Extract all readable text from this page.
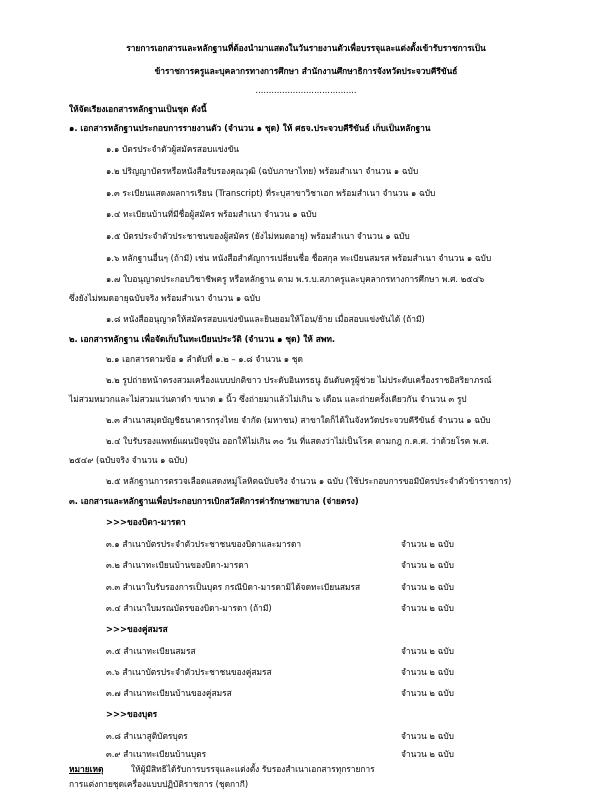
รายการเอกสารและหลักฐานที่ต้องนำมาแสดงในวันรายงานตัวเพื่อบรรจุและแต่งตั้งเข้ารับราชการเป็น
ข้าราชการครูและบุคลากรทางการศึกษา สำนักงานศึกษาธิการจังหวัดประจวบคีรีขันธ์
......................................
ให้จัดเรียงเอกสารหลักฐานเป็นชุด ดังนี้
๑. เอกสารหลักฐานประกอบการรายงานตัว (จำนวน ๑ ชุด) ให้ ศธจ.ประจวบคีรีขันธ์ เก็บเป็นหลักฐาน
๑.๑ บัตรประจำตัวผู้สมัครสอบแข่งขัน
๑.๒ ปริญญาบัตรหรือหนังสือรับรองคุณวุฒิ (ฉบับภาษาไทย) พร้อมสำเนา จำนวน ๑ ฉบับ
๑.๓ ระเบียนแสดงผลการเรียน (Transcript) ที่ระบุสาขาวิชาเอก พร้อมสำเนา จำนวน ๑ ฉบับ
๑.๔ ทะเบียนบ้านที่มีชื่อผู้สมัคร พร้อมสำเนา จำนวน ๑ ฉบับ
๑.๕ บัตรประจำตัวประชาชนของผู้สมัคร (ยังไม่หมดอายุ) พร้อมสำเนา จำนวน ๑ ฉบับ
๑.๖ หลักฐานอื่นๆ (ถ้ามี) เช่น หนังสือสำคัญการเปลี่ยนชื่อ ชื่อสกุล ทะเบียนสมรส พร้อมสำเนา จำนวน ๑ ฉบับ
๑.๗ ใบอนุญาตประกอบวิชาชีพครู หรือหลักฐาน ตาม พ.ร.บ.สภาครูและบุคลากรทางการศึกษา พ.ศ. ๒๕๔๖
ซึ่งยังไม่หมดอายุฉบับจริง พร้อมสำเนา จำนวน ๑ ฉบับ
๑.๘ หนังสืออนุญาตให้สมัครสอบแข่งขันและยินยอมให้โอน/ย้าย เมื่อสอบแข่งขันได้ (ถ้ามี)
๒. เอกสารหลักฐาน เพื่อจัดเก็บในทะเบียนประวัติ (จำนวน ๑ ชุด) ให้ สพท.
๒.๑ เอกสารตามข้อ ๑ ลำดับที่ ๑.๒ – ๑.๘ จำนวน ๑ ชุด
๒.๒ รูปถ่ายหน้าตรงสวมเครื่องแบบปกติขาว ประดับอินทรธนู อันดับครูผู้ช่วย ไม่ประดับเครื่องราชอิสริยาภรณ์
ไม่สวมหมวกและไม่สวมแว่นตาดำ ขนาด ๑ นิ้ว ซึ่งถ่ายมาแล้วไม่เกิน ๖ เดือน และถ่ายครั้งเดียวกัน จำนวน ๓ รูป
๒.๓ สำเนาสมุดบัญชีธนาคารกรุงไทย จำกัด (มหาชน) สาขาใดก็ได้ในจังหวัดประจวบคีรีขันธ์ จำนวน ๑ ฉบับ
๒.๔ ใบรับรองแพทย์แผนปัจจุบัน ออกให้ไม่เกิน ๓๐ วัน ที่แสดงว่าไม่เป็นโรค ตามกฎ ก.ค.ศ. ว่าด้วยโรค พ.ศ.
๒๕๔๙ (ฉบับจริง จำนวน ๑ ฉบับ)
๒.๕ หลักฐานการตรวจเลือดแสดงหมู่โลหิตฉบับจริง จำนวน ๑ ฉบับ (ใช้ประกอบการขอมีบัตรประจำตัวข้าราชการ)
๓. เอกสารและหลักฐานเพื่อประกอบการเบิกสวัสดิการค่ารักษาพยาบาล (จ่ายตรง)
>>>ของบิดา-มารดา
๓.๑ สำเนาบัตรประจำตัวประชาชนของบิดาและมารดา	จำนวน ๒ ฉบับ
๓.๒ สำเนาทะเบียนบ้านของบิดา-มารดา	จำนวน ๒ ฉบับ
๓.๓ สำเนาใบรับรองการเป็นบุตร กรณีบิดา-มารดามิได้จดทะเบียนสมรส	จำนวน ๒ ฉบับ
๓.๔ สำเนาใบมรณบัตรของบิดา-มารดา (ถ้ามี)	จำนวน ๒ ฉบับ
>>>ของคู่สมรส
๓.๕ สำเนาทะเบียนสมรส	จำนวน ๒ ฉบับ
๓.๖ สำเนาบัตรประจำตัวประชาชนของคู่สมรส	จำนวน ๒ ฉบับ
๓.๗ สำเนาทะเบียนบ้านของคู่สมรส	จำนวน ๒ ฉบับ
>>>ของบุตร
๓.๘ สำเนาสูติบัตรบุตร	จำนวน ๒ ฉบับ
๓.๙ สำเนาทะเบียนบ้านบุตร	จำนวน ๒ ฉบับ
หมายเหตุ	ให้ผู้มีสิทธิได้รับการบรรจุและแต่งตั้ง รับรองสำเนาเอกสารทุกรายการ
การแต่งกายชุดเครื่องแบบปฏิบัติราชการ (ชุดกากี)
